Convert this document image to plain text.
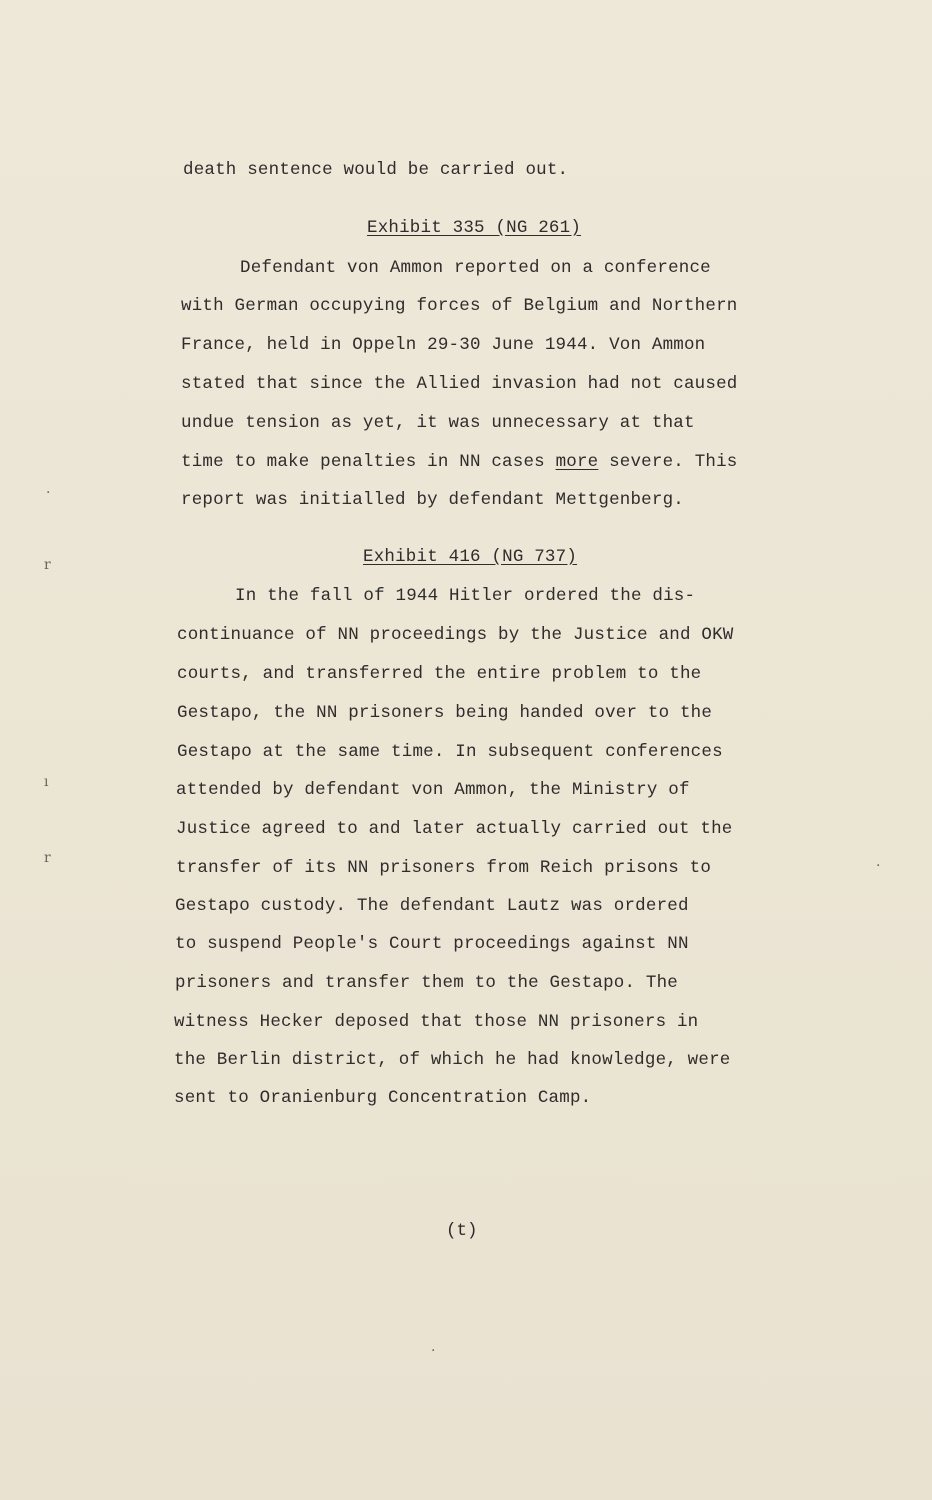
death sentence would be carried out.
Exhibit 335 (NG 261)
Defendant von Ammon reported on a conference
with German occupying forces of Belgium and Northern
France, held in Oppeln 29-30 June 1944. Von Ammon
stated that since the Allied invasion had not caused
undue tension as yet, it was unnecessary at that
time to make penalties in NN cases more severe. This
report was initialled by defendant Mettgenberg.
Exhibit 416 (NG 737)
In the fall of 1944 Hitler ordered the dis-
continuance of NN proceedings by the Justice and OKW
courts, and transferred the entire problem to the
Gestapo, the NN prisoners being handed over to the
Gestapo at the same time. In subsequent conferences
attended by defendant von Ammon, the Ministry of
Justice agreed to and later actually carried out the
transfer of its NN prisoners from Reich prisons to
Gestapo custody. The defendant Lautz was ordered
to suspend People's Court proceedings against NN
prisoners and transfer them to the Gestapo. The
witness Hecker deposed that those NN prisoners in
the Berlin district, of which he had knowledge, were
sent to Oranienburg Concentration Camp.
(t)
·
r
ı
r	·
·
